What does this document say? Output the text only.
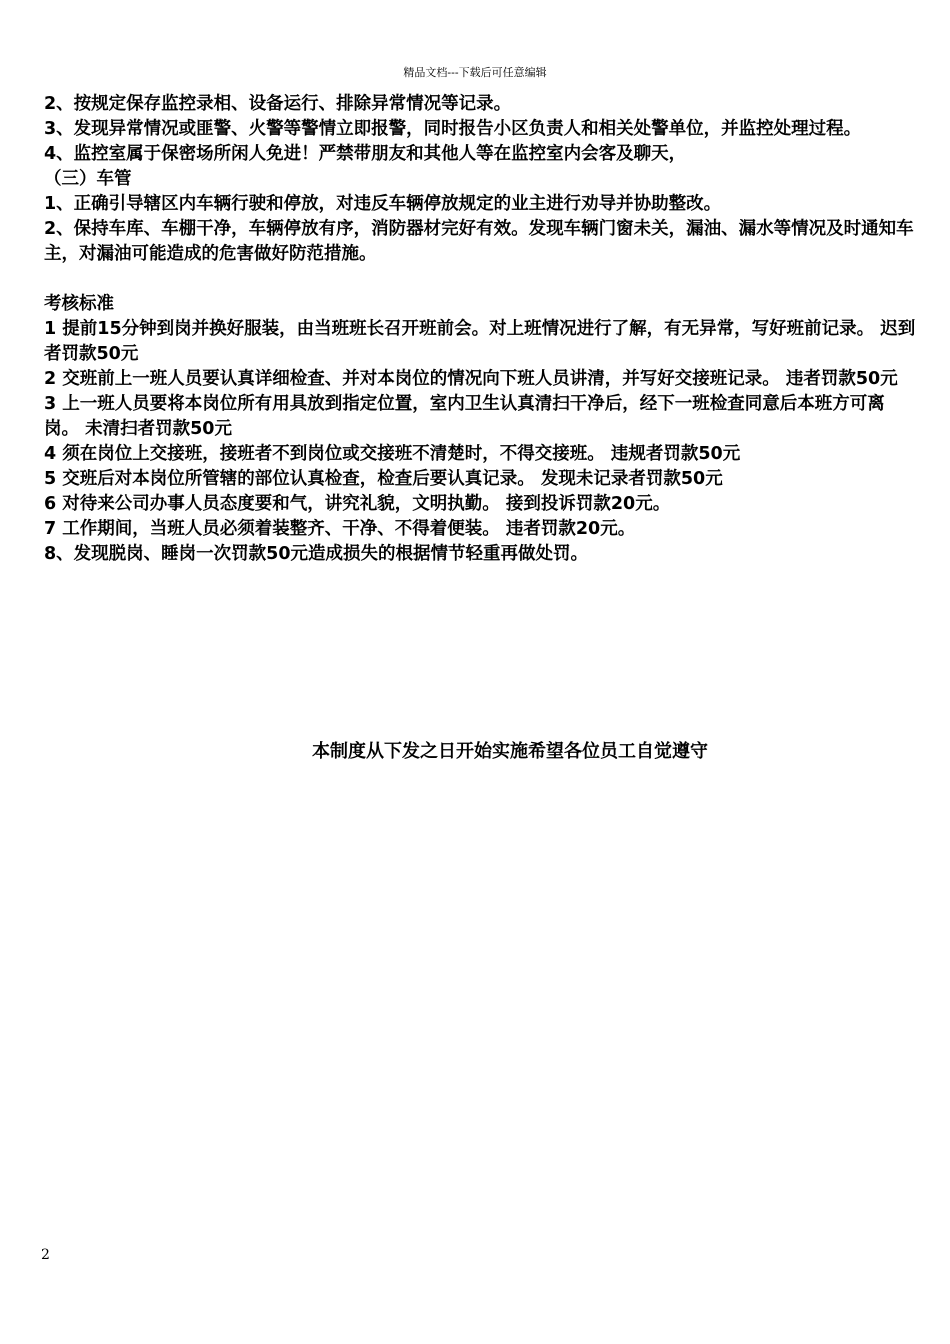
精品文档---下载后可任意编辑

2、按规定保存监控录相、设备运行、排除异常情况等记录。

3、发现异常情况或匪警、火警等警情立即报警，同时报告小区负责人和相关处警单位，并监控处理过程。

4、监控室属于保密场所闲人免进！严禁带朋友和其他人等在监控室内会客及聊天，

（三）车管

1、正确引导辖区内车辆行驶和停放，对违反车辆停放规定的业主进行劝导并协助整改。

2、保持车库、车棚干净，车辆停放有序，消防器材完好有效。发现车辆门窗未关，漏油、漏水等情况及时通知车主，对漏油可能造成的危害做好防范措施。

考核标准

1 提前15分钟到岗并换好服装，由当班班长召开班前会。对上班情况进行了解，有无异常，写好班前记录。 迟到者罚款50元

2 交班前上一班人员要认真详细检查、并对本岗位的情况向下班人员讲清，并写好交接班记录。 违者罚款50元

3 上一班人员要将本岗位所有用具放到指定位置，室内卫生认真清扫干净后，经下一班检查同意后本班方可离岗。 未清扫者罚款50元

4 须在岗位上交接班，接班者不到岗位或交接班不清楚时，不得交接班。 违规者罚款50元

5 交班后对本岗位所管辖的部位认真检查，检查后要认真记录。 发现未记录者罚款50元

6 对待来公司办事人员态度要和气，讲究礼貌，文明执勤。 接到投诉罚款20元。

7 工作期间，当班人员必须着装整齐、干净、不得着便装。 违者罚款20元。

8、发现脱岗、睡岗一次罚款50元造成损失的根据情节轻重再做处罚。

本制度从下发之日开始实施希望各位员工自觉遵守
2
